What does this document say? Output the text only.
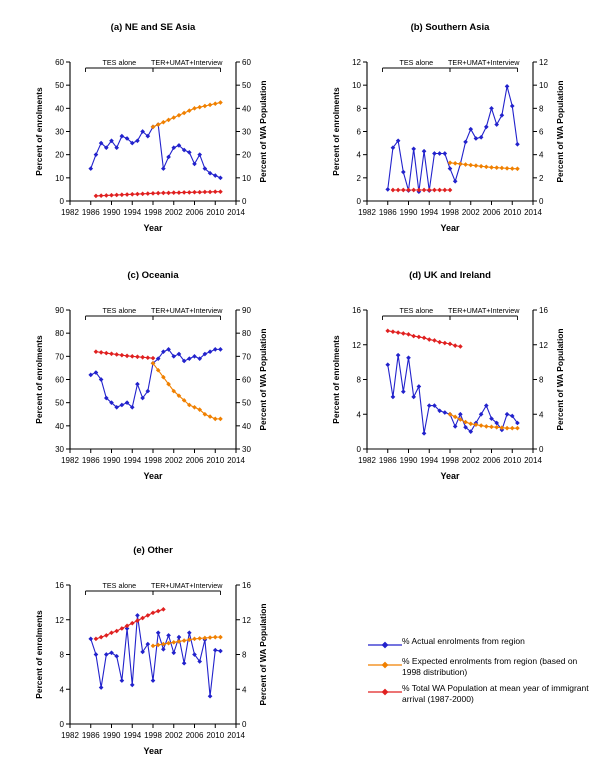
(a) NE and SE Asia
1982 1986 1990 1994 1998 2002 2006 2010 2014
0
10
20
30
40
50
60
0
10
20
30
40
50
60
TES alone TER+UMAT+Interview
Year
Percent of enrolments	Percent of WA Population
(b) Southern Asia
1982 1986 1990 1994 1998 2002 2006 2010 2014
0
2
4
6
8
10
12
0
2
4
6
8
10
12
TES alone TER+UMAT+Interview
Year
Percent of enrolments	Percent of WA Population
(c) Oceania
1982 1986 1990 1994 1998 2002 2006 2010 2014
30
40
50
60
70
80
90
30
40
50
60
70
80
90
TES alone TER+UMAT+Interview
Year
Percent of enrolments	Percent of WA Population
(d) UK and Ireland
1982 1986 1990 1994 1998 2002 2006 2010 2014
0
4
8
12
16
0
4
8
12
16
TES alone TER+UMAT+Interview
Year
Percent of enrolments	Percent of WA Population
(e) Other
1982 1986 1990 1994 1998 2002 2006 2010 2014
0
4
8
12
16
0
4
8
12
16
TES alone TER+UMAT+Interview
Year
Percent of enrolments	Percent of WA Population	% Actual enrolments from region
% Expected enrolments from region (based on 1998 distribution)
% Total WA Population at mean year of immigrant arrival (1987-2000)
